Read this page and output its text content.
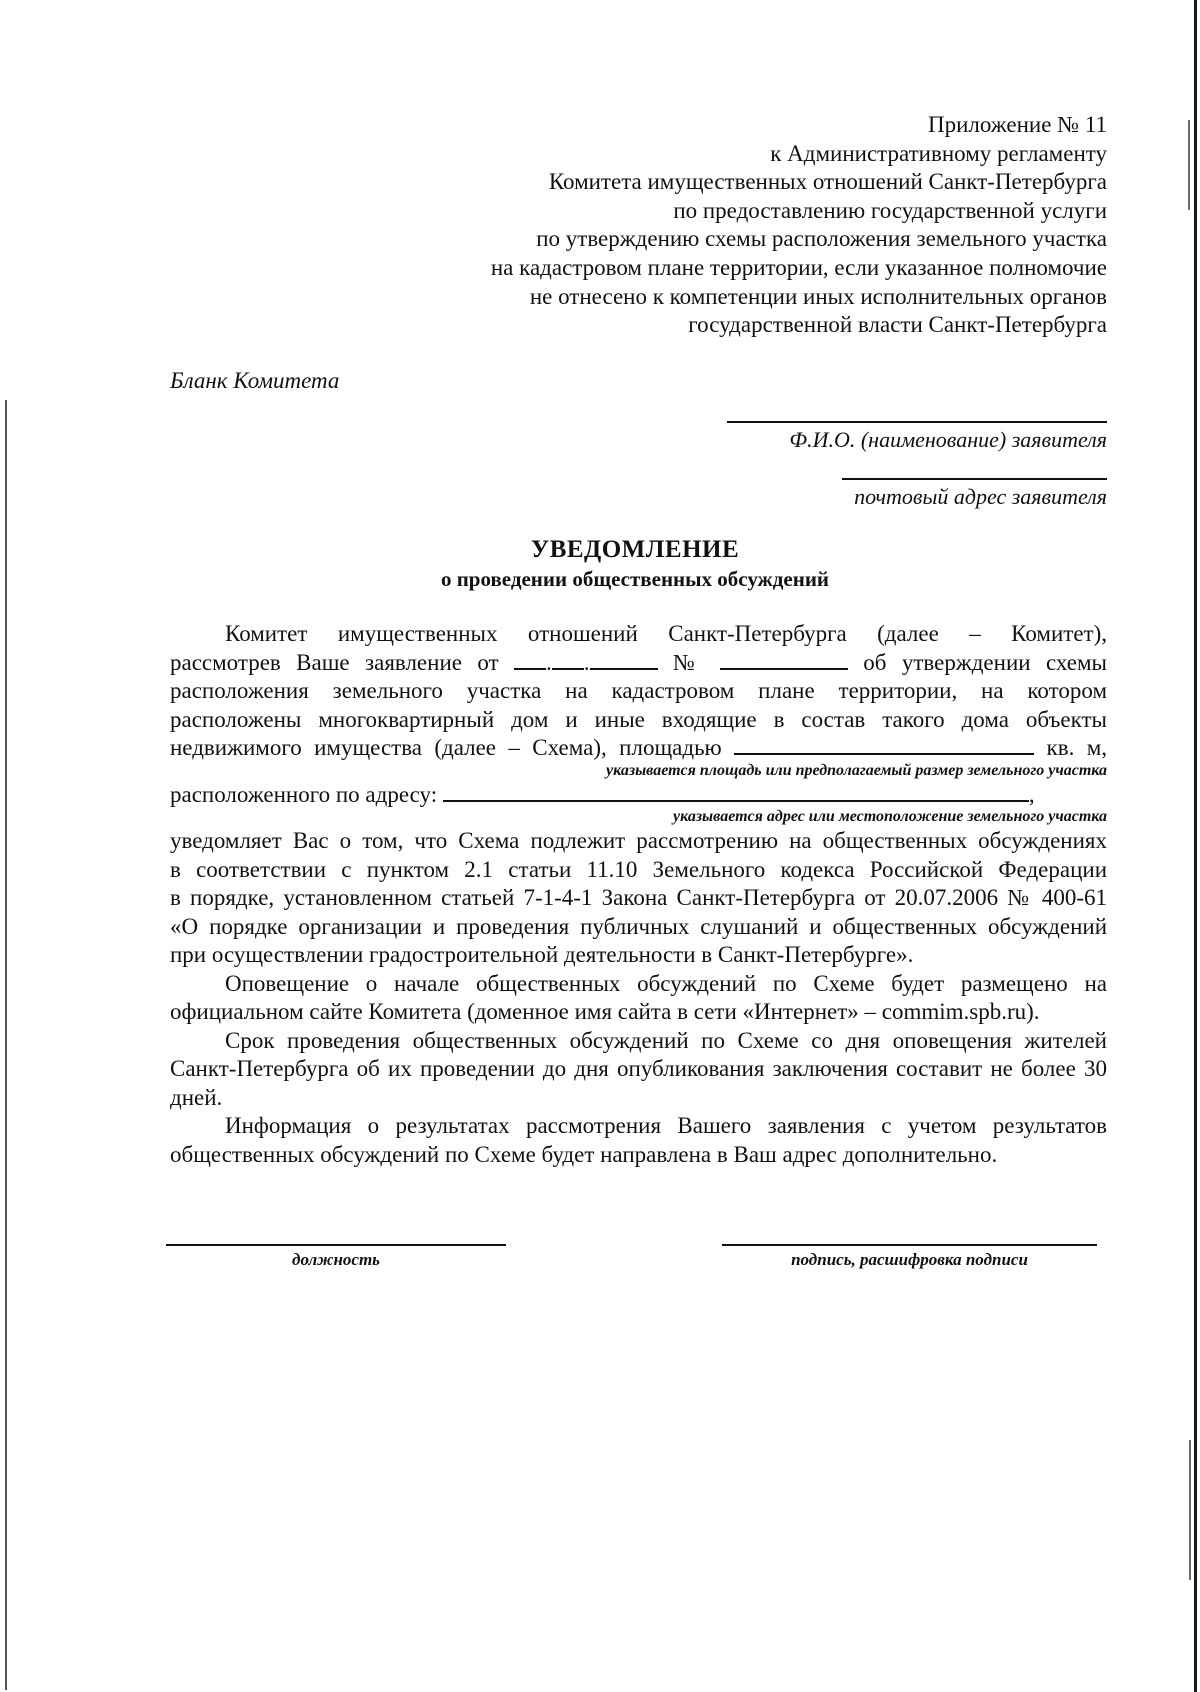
Приложение № 11
к Административному регламенту
Комитета имущественных отношений Санкт-Петербурга
по предоставлению государственной услуги
по утверждению схемы расположения земельного участка
на кадастровом плане территории, если указанное полномочие
не отнесено к компетенции иных исполнительных органов
государственной власти Санкт-Петербурга
Бланк Комитета
Ф.И.О. (наименование) заявителя
почтовый адрес заявителя
УВЕДОМЛЕНИЕ
о проведении общественных обсуждений
Комитет имущественных отношений Санкт-Петербурга (далее – Комитет),
рассмотрев Ваше заявление от . .	№	об утверждении схемы
расположения земельного участка на кадастровом плане территории, на котором
расположены многоквартирный дом и иные входящие в состав такого дома объекты
недвижимого имущества (далее – Схема), площадью	кв. м,
указывается площадь или предполагаемый размер земельного участка
расположенного по адресу:	,
указывается адрес или местоположение земельного участка
уведомляет Вас о том, что Схема подлежит рассмотрению на общественных обсуждениях
в соответствии с пунктом 2.1 статьи 11.10 Земельного кодекса Российской Федерации
в порядке, установленном статьей 7-1-4-1 Закона Санкт-Петербурга от 20.07.2006 № 400-61
«О порядке организации и проведения публичных слушаний и общественных обсуждений
при осуществлении градостроительной деятельности в Санкт-Петербурге».

Оповещение о начале общественных обсуждений по Схеме будет размещено на официальном сайте Комитета (доменное имя сайта в сети «Интернет» – commim.spb.ru).

Срок проведения общественных обсуждений по Схеме со дня оповещения жителей Санкт-Петербурга об их проведении до дня опубликования заключения составит не более 30 дней.

Информация о результатах рассмотрения Вашего заявления с учетом результатов общественных обсуждений по Схеме будет направлена в Ваш адрес дополнительно.

должность	подпись, расшифровка подписи
